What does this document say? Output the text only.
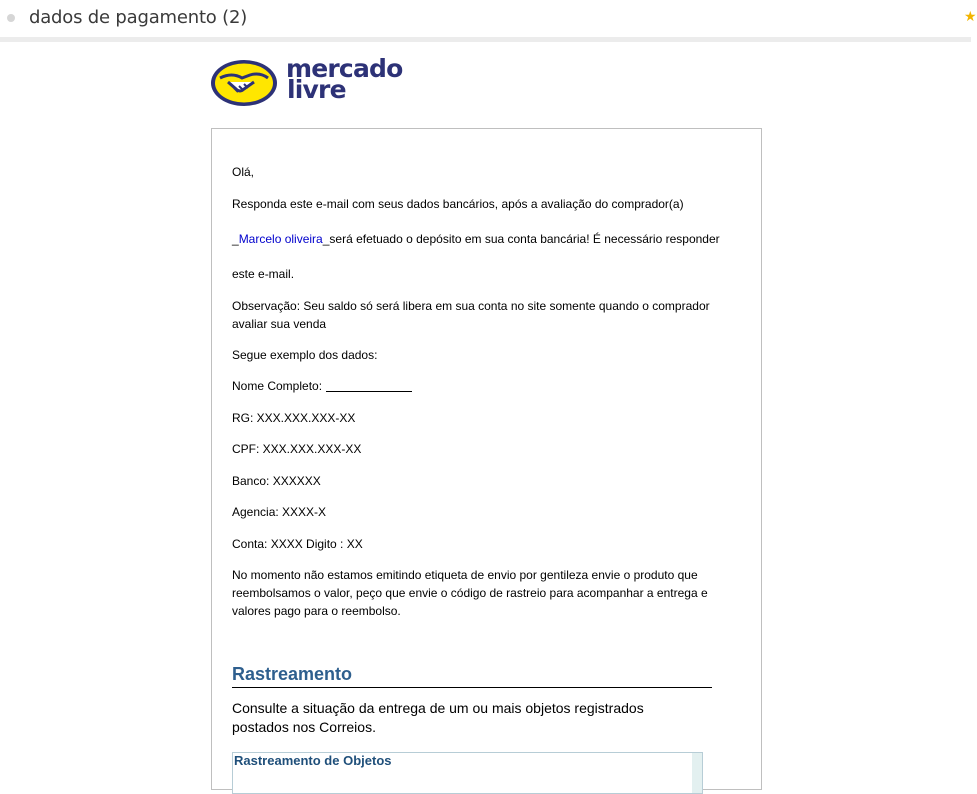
dados de pagamento (2)	★
mercado
livre
Olá,
Responda este e-mail com seus dados bancários, após a avaliação do comprador(a)
_Marcelo oliveira_será efetuado o depósito em sua conta bancária! É necessário responder
este e-mail.
Observação: Seu saldo só será libera em sua conta no site somente quando o comprador avaliar sua venda
Segue exemplo dos dados:
Nome Completo:
RG: XXX.XXX.XXX-XX
CPF: XXX.XXX.XXX-XX
Banco: XXXXXX
Agencia: XXXX-X
Conta: XXXX Digito : XX
No momento não estamos emitindo etiqueta de envio por gentileza envie o produto que reembolsamos o valor, peço que envie o código de rastreio para acompanhar a entrega e valores pago para o reembolso.
Rastreamento
Consulte a situação da entrega de um ou mais objetos registrados postados nos Correios.
Rastreamento de Objetos
